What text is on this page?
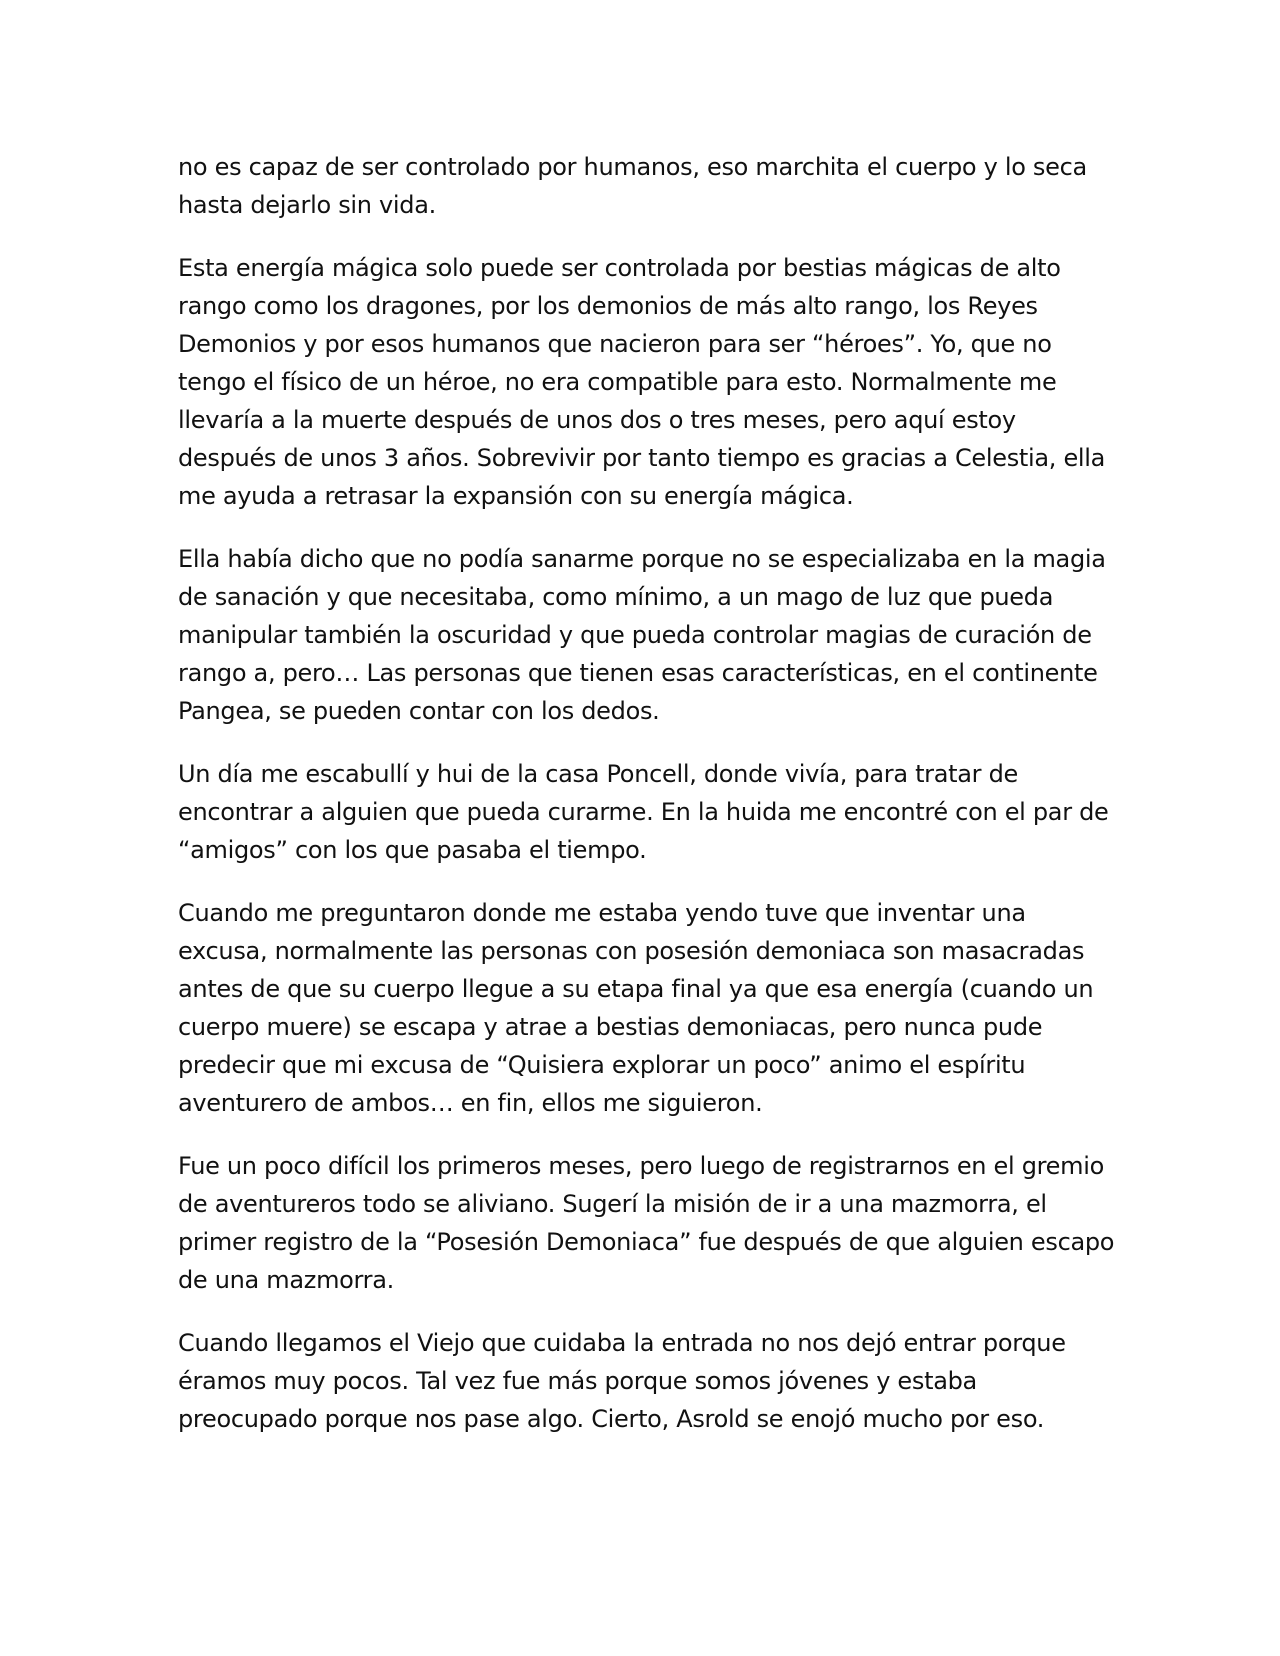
no es capaz de ser controlado por humanos, eso marchita el cuerpo y lo seca hasta dejarlo sin vida.

Esta energía mágica solo puede ser controlada por bestias mágicas de alto rango como los dragones, por los demonios de más alto rango, los Reyes Demonios y por esos humanos que nacieron para ser “héroes”. Yo, que no tengo el físico de un héroe, no era compatible para esto. Normalmente me llevaría a la muerte después de unos dos o tres meses, pero aquí estoy después de unos 3 años. Sobrevivir por tanto tiempo es gracias a Celestia, ella me ayuda a retrasar la expansión con su energía mágica.

Ella había dicho que no podía sanarme porque no se especializaba en la magia de sanación y que necesitaba, como mínimo, a un mago de luz que pueda manipular también la oscuridad y que pueda controlar magias de curación de rango a, pero… Las personas que tienen esas características, en el continente Pangea, se pueden contar con los dedos.

Un día me escabullí y hui de la casa Poncell, donde vivía, para tratar de encontrar a alguien que pueda curarme. En la huida me encontré con el par de “amigos” con los que pasaba el tiempo.

Cuando me preguntaron donde me estaba yendo tuve que inventar una excusa, normalmente las personas con posesión demoniaca son masacradas antes de que su cuerpo llegue a su etapa final ya que esa energía (cuando un cuerpo muere) se escapa y atrae a bestias demoniacas, pero nunca pude predecir que mi excusa de “Quisiera explorar un poco” animo el espíritu aventurero de ambos… en fin, ellos me siguieron.

Fue un poco difícil los primeros meses, pero luego de registrarnos en el gremio de aventureros todo se aliviano. Sugerí la misión de ir a una mazmorra, el primer registro de la “Posesión Demoniaca” fue después de que alguien escapo de una mazmorra.

Cuando llegamos el Viejo que cuidaba la entrada no nos dejó entrar porque éramos muy pocos. Tal vez fue más porque somos jóvenes y estaba preocupado porque nos pase algo. Cierto, Asrold se enojó mucho por eso.
